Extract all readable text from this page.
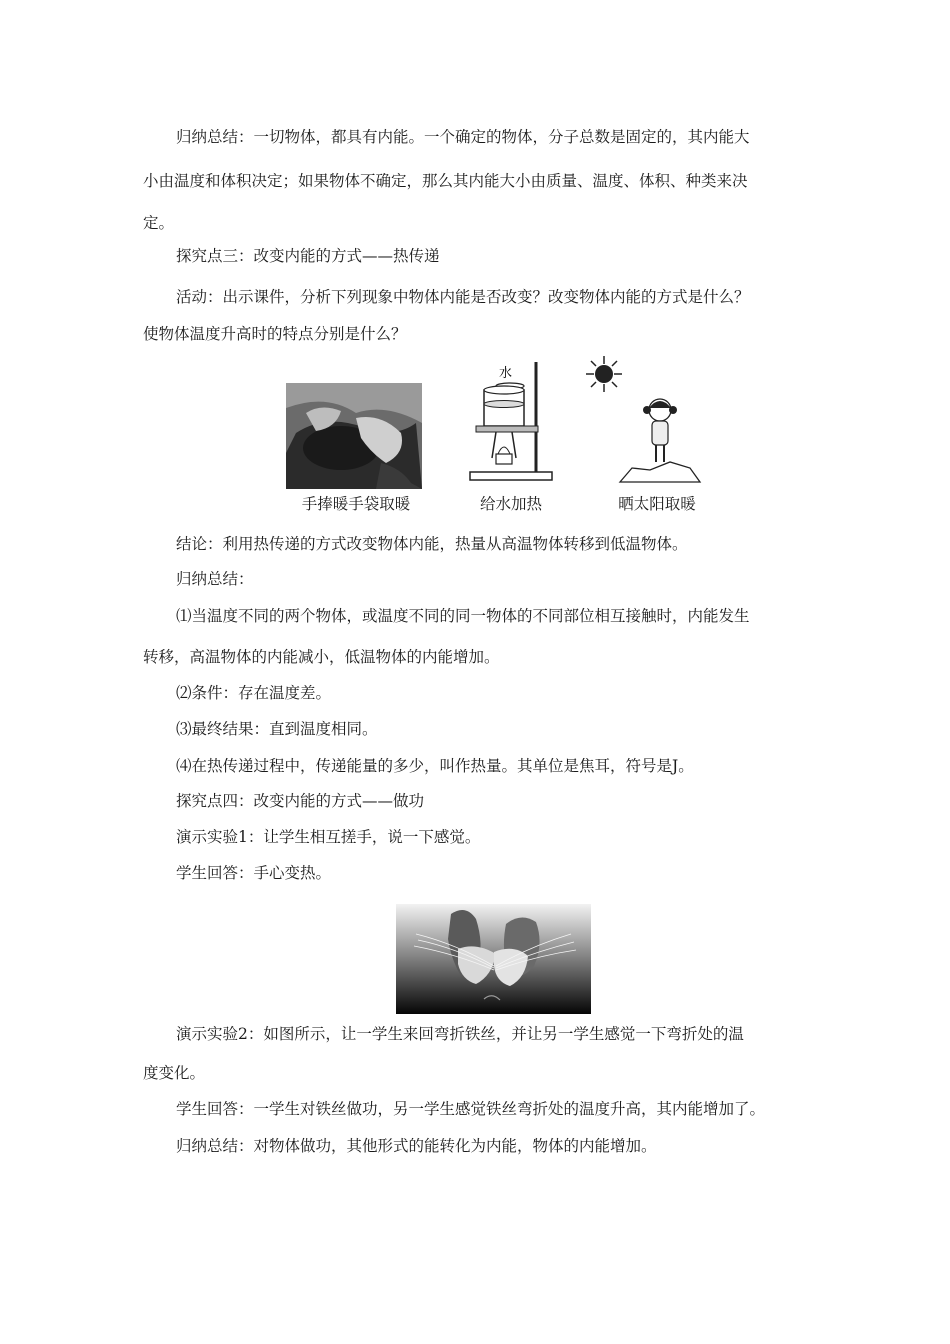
归纳总结：一切物体，都具有内能。一个确定的物体，分子总数是固定的，其内能大

小由温度和体积决定；如果物体不确定，那么其内能大小由质量、温度、体积、种类来决

定。

探究点三：改变内能的方式——热传递

活动：出示课件，分析下列现象中物体内能是否改变？改变物体内能的方式是什么？

使物体温度升高时的特点分别是什么？

水
手捧暖手袋取暖	给水加热	晒太阳取暖

结论：利用热传递的方式改变物体内能，热量从高温物体转移到低温物体。

归纳总结：

⑴当温度不同的两个物体，或温度不同的同一物体的不同部位相互接触时，内能发生

转移，高温物体的内能减小，低温物体的内能增加。

⑵条件：存在温度差。

⑶最终结果：直到温度相同。

⑷在热传递过程中，传递能量的多少，叫作热量。其单位是焦耳，符号是J。

探究点四：改变内能的方式——做功

演示实验1：让学生相互搓手，说一下感觉。

学生回答：手心变热。

演示实验2：如图所示，让一学生来回弯折铁丝，并让另一学生感觉一下弯折处的温

度变化。

学生回答：一学生对铁丝做功，另一学生感觉铁丝弯折处的温度升高，其内能增加了。

归纳总结：对物体做功，其他形式的能转化为内能，物体的内能增加。
